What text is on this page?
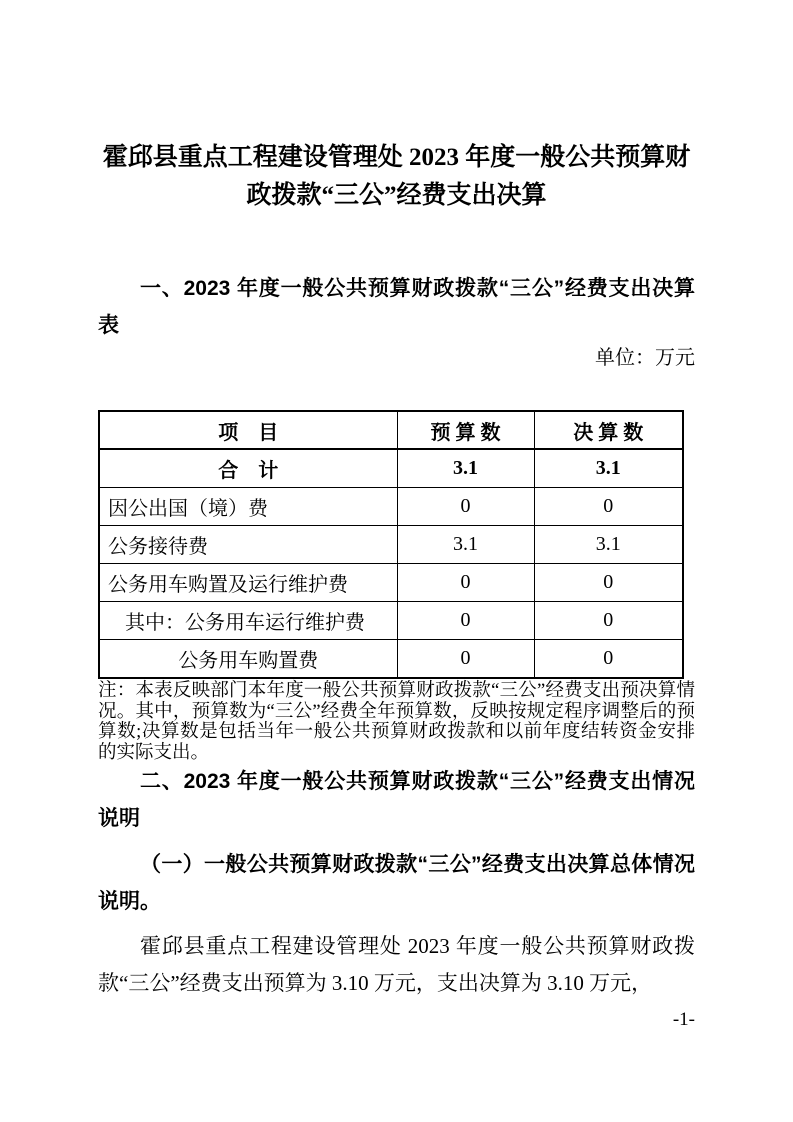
霍邱县重点工程建设管理处 2023 年度一般公共预算财政拨款“三公”经费支出决算

一、2023 年度一般公共预算财政拨款“三公”经费支出决算表

单位：万元

项　目	预 算 数	决 算 数
合　计	3.1	3.1
因公出国（境）费	0	0
公务接待费	3.1	3.1
公务用车购置及运行维护费	0	0
其中：公务用车运行维护费	0	0
公务用车购置费	0	0

注：本表反映部门本年度一般公共预算财政拨款“三公”经费支出预决算情况。其中，预算数为“三公”经费全年预算数，反映按规定程序调整后的预算数;决算数是包括当年一般公共预算财政拨款和以前年度结转资金安排的实际支出。

二、2023 年度一般公共预算财政拨款“三公”经费支出情况说明

（一）一般公共预算财政拨款“三公”经费支出决算总体情况说明。

霍邱县重点工程建设管理处 2023 年度一般公共预算财政拨款“三公”经费支出预算为 3.10 万元，支出决算为 3.10 万元，

-1-
